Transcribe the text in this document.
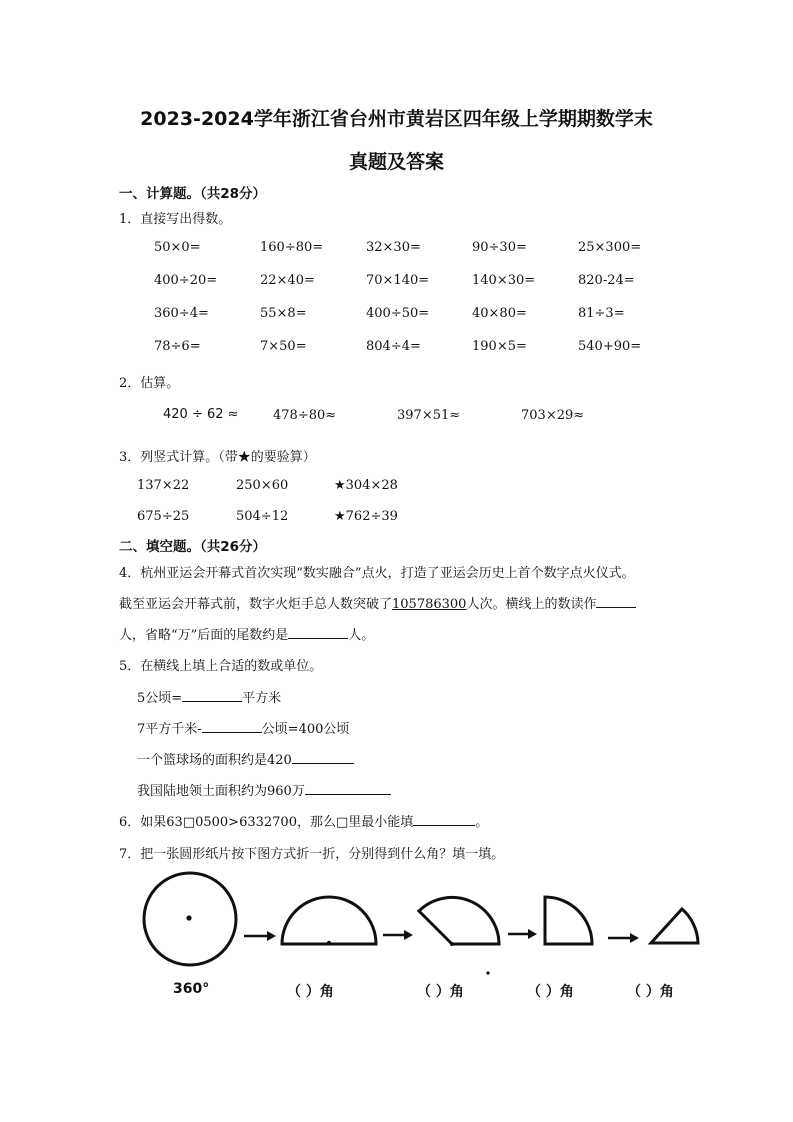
2023-2024学年浙江省台州市黄岩区四年级上学期期数学末
真题及答案
一、计算题。（共28分）
1．直接写出得数。
50×0=	160÷80=	32×30=	90÷30=	25×300=
400÷20=	22×40=	70×140=	140×30=	820-24=
360÷4=	55×8=	400÷50=	40×80=	81÷3=
78÷6=	7×50=	804÷4=	190×5=	540+90=
2．估算。
420 ÷ 62 ≈	478÷80≈	397×51≈	703×29≈
3．列竖式计算。（带★的要验算）
137×22	250×60	★304×28
675÷25	504÷12	★762÷39
二、填空题。（共26分）
4．杭州亚运会开幕式首次实现“数实融合”点火，打造了亚运会历史上首个数字点火仪式。
截至亚运会开幕式前，数字火炬手总人数突破了105786300人次。横线上的数读作
人，省略“万”后面的尾数约是	人。
5．在横线上填上合适的数或单位。
5公顷=	平方米
7平方千米-	公顷=400公顷
一个篮球场的面积约是420
我国陆地领土面积约为960万
6．如果63□0500>6332700，那么□里最小能填	。
7．把一张圆形纸片按下图方式折一折，分别得到什么角？填一填。
360°	（ ）角	（ ）角	（ ）角	（ ）角
